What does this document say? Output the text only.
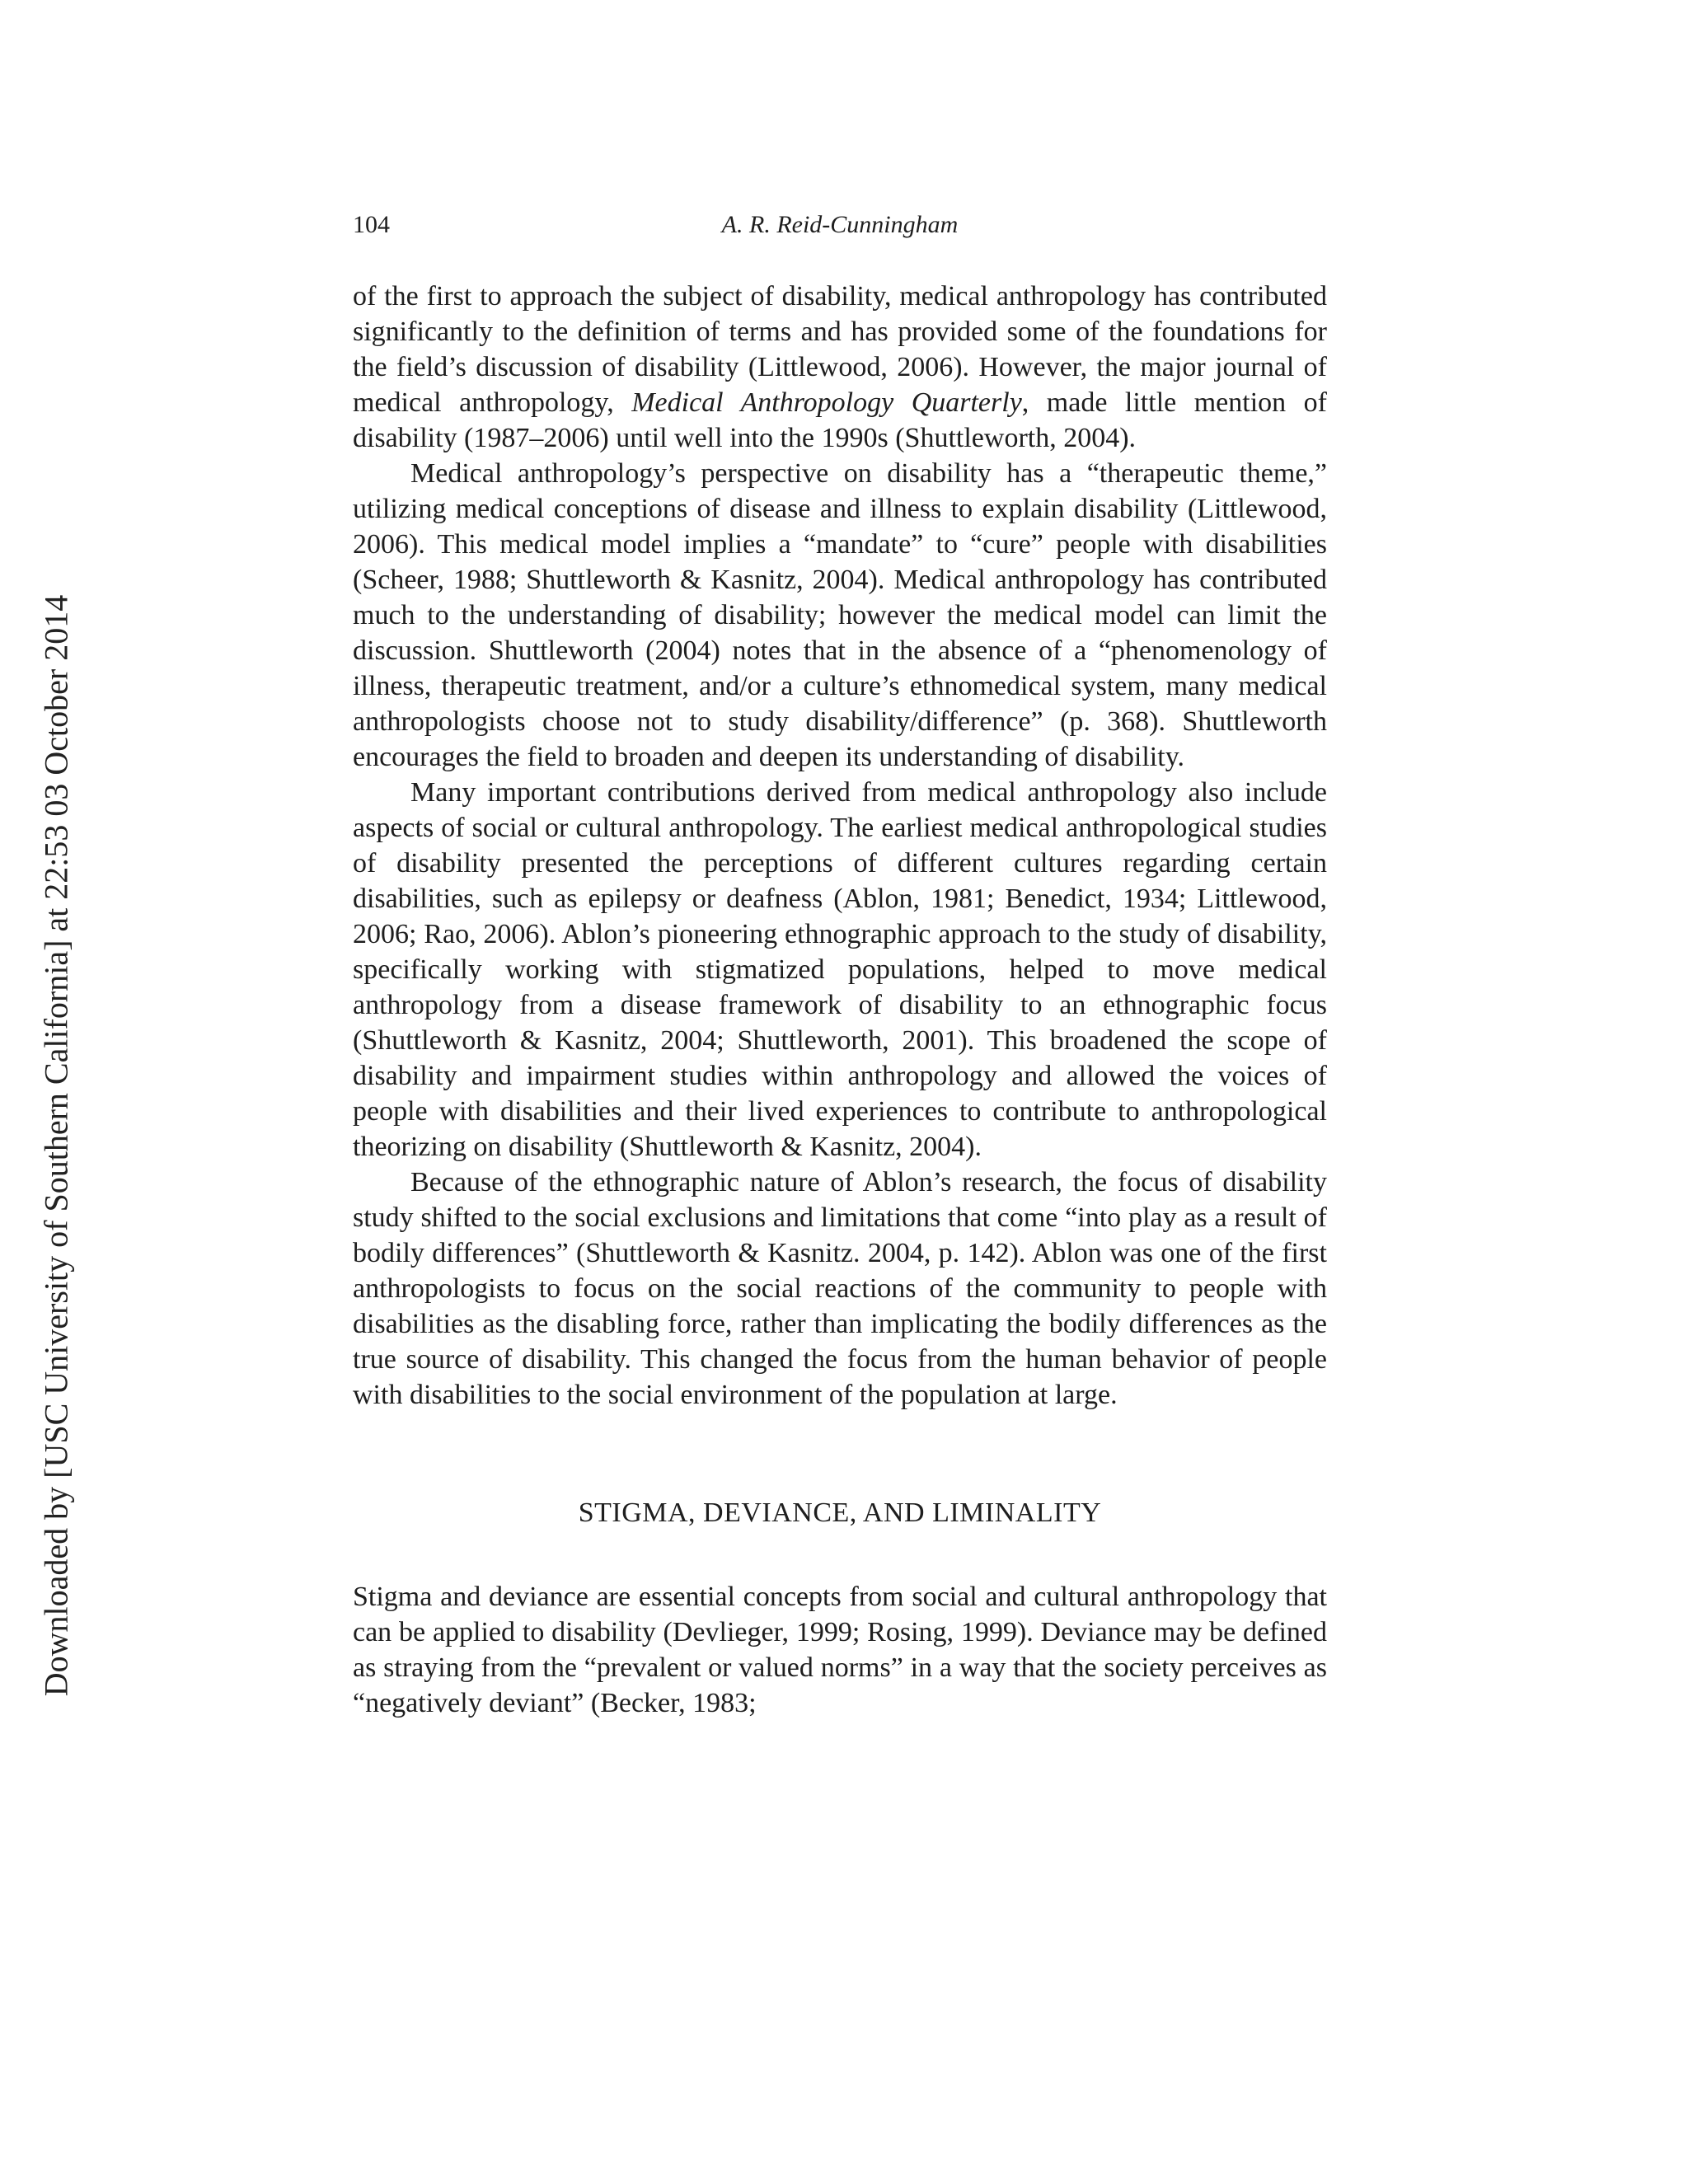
Downloaded by [USC University of Southern California] at 22:53 03 October 2014
104	A. R. Reid-Cunningham

of the first to approach the subject of disability, medical anthropology has contributed significantly to the definition of terms and has provided some of the foundations for the field’s discussion of disability (Littlewood, 2006). However, the major journal of medical anthropology, Medical Anthropology Quarterly, made little mention of disability (1987–2006) until well into the 1990s (Shuttleworth, 2004).

Medical anthropology’s perspective on disability has a “therapeutic theme,” utilizing medical conceptions of disease and illness to explain disability (Littlewood, 2006). This medical model implies a “mandate” to “cure” people with disabilities (Scheer, 1988; Shuttleworth & Kasnitz, 2004). Medical anthropology has contributed much to the understanding of disability; however the medical model can limit the discussion. Shuttleworth (2004) notes that in the absence of a “phenomenology of illness, therapeutic treatment, and/or a culture’s ethnomedical system, many medical anthropologists choose not to study disability/difference” (p. 368). Shuttleworth encourages the field to broaden and deepen its understanding of disability.

Many important contributions derived from medical anthropology also include aspects of social or cultural anthropology. The earliest medical anthropological studies of disability presented the perceptions of different cultures regarding certain disabilities, such as epilepsy or deafness (Ablon, 1981; Benedict, 1934; Littlewood, 2006; Rao, 2006). Ablon’s pioneering ethnographic approach to the study of disability, specifically working with stigmatized populations, helped to move medical anthropology from a disease framework of disability to an ethnographic focus (Shuttleworth & Kasnitz, 2004; Shuttleworth, 2001). This broadened the scope of disability and impairment studies within anthropology and allowed the voices of people with disabilities and their lived experiences to contribute to anthropological theorizing on disability (Shuttleworth & Kasnitz, 2004).

Because of the ethnographic nature of Ablon’s research, the focus of disability study shifted to the social exclusions and limitations that come “into play as a result of bodily differences” (Shuttleworth & Kasnitz. 2004, p. 142). Ablon was one of the first anthropologists to focus on the social reactions of the community to people with disabilities as the disabling force, rather than implicating the bodily differences as the true source of disability. This changed the focus from the human behavior of people with disabilities to the social environment of the population at large.

STIGMA, DEVIANCE, AND LIMINALITY

Stigma and deviance are essential concepts from social and cultural anthropology that can be applied to disability (Devlieger, 1999; Rosing, 1999). Deviance may be defined as straying from the “prevalent or valued norms” in a way that the society perceives as “negatively deviant” (Becker, 1983;
